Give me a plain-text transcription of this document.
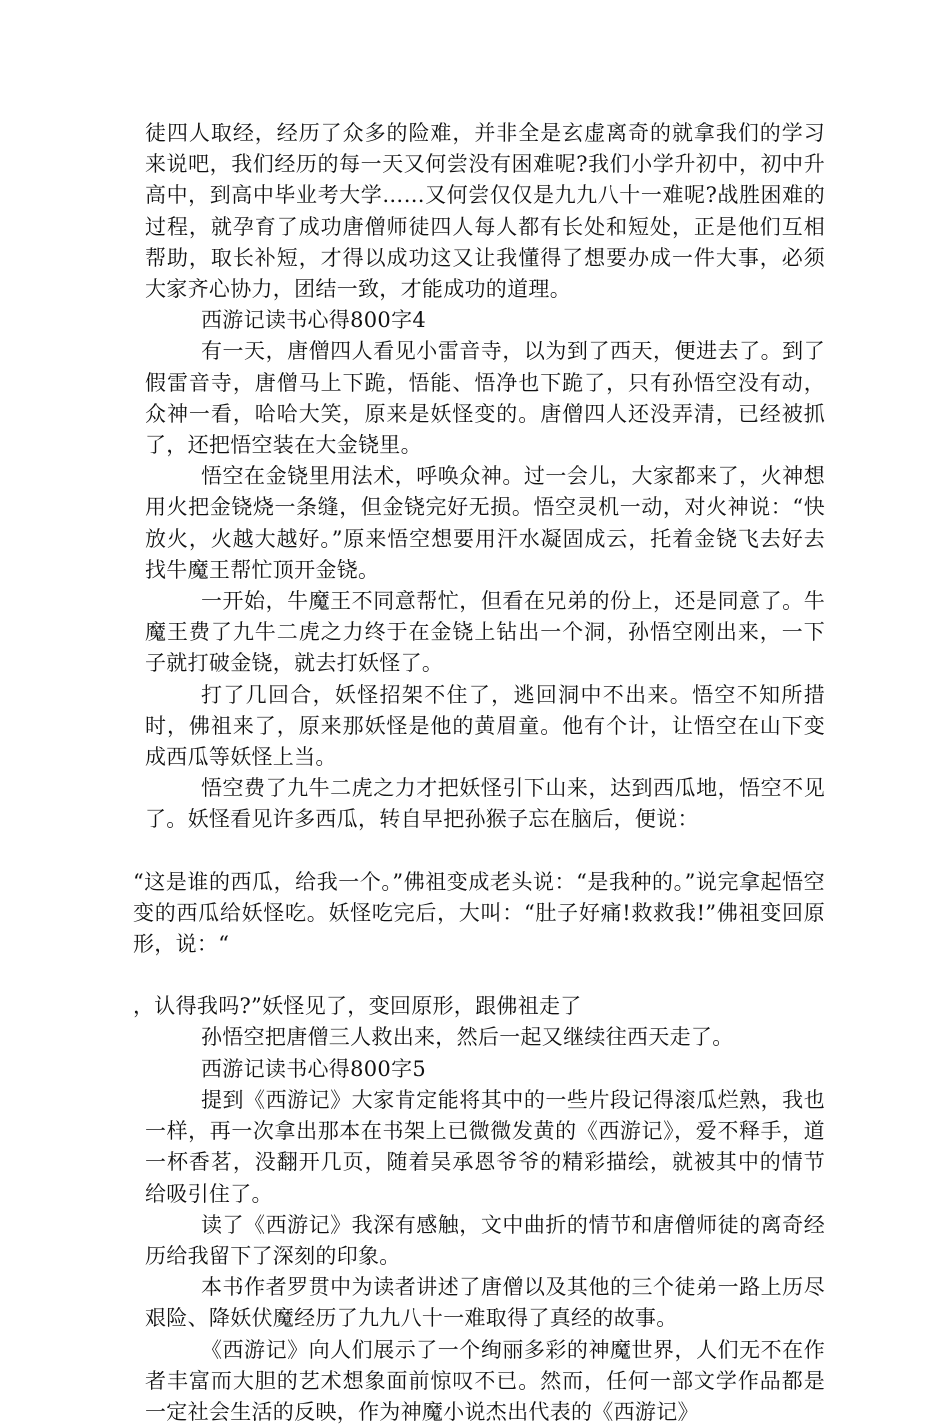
徒四人取经，经历了众多的险难，并非全是玄虚离奇的就拿我们的学习来说吧，我们经历的每一天又何尝没有困难呢?我们小学升初中，初中升高中，到高中毕业考大学……又何尝仅仅是九九八十一难呢?战胜困难的过程，就孕育了成功唐僧师徒四人每人都有长处和短处，正是他们互相帮助，取长补短，才得以成功这又让我懂得了想要办成一件大事，必须大家齐心协力，团结一致，才能成功的道理。

西游记读书心得800字4

有一天，唐僧四人看见小雷音寺，以为到了西天，便进去了。到了假雷音寺，唐僧马上下跪，悟能、悟净也下跪了，只有孙悟空没有动，众神一看，哈哈大笑，原来是妖怪变的。唐僧四人还没弄清，已经被抓了，还把悟空装在大金铙里。

悟空在金铙里用法术，呼唤众神。过一会儿，大家都来了，火神想用火把金铙烧一条缝，但金铙完好无损。悟空灵机一动，对火神说：“快放火，火越大越好。”原来悟空想要用汗水凝固成云，托着金铙飞去好去找牛魔王帮忙顶开金铙。

一开始，牛魔王不同意帮忙，但看在兄弟的份上，还是同意了。牛魔王费了九牛二虎之力终于在金铙上钻出一个洞，孙悟空刚出来，一下子就打破金铙，就去打妖怪了。

打了几回合，妖怪招架不住了，逃回洞中不出来。悟空不知所措时，佛祖来了，原来那妖怪是他的黄眉童。他有个计，让悟空在山下变成西瓜等妖怪上当。

悟空费了九牛二虎之力才把妖怪引下山来，达到西瓜地，悟空不见了。妖怪看见许多西瓜，转自早把孙猴子忘在脑后，便说：

“这是谁的西瓜，给我一个。”佛祖变成老头说：“是我种的。”说完拿起悟空变的西瓜给妖怪吃。妖怪吃完后，大叫：“肚子好痛!救救我!”佛祖变回原形，说：“

，认得我吗?”妖怪见了，变回原形，跟佛祖走了

孙悟空把唐僧三人救出来，然后一起又继续往西天走了。

西游记读书心得800字5

提到《西游记》大家肯定能将其中的一些片段记得滚瓜烂熟，我也一样，再一次拿出那本在书架上已微微发黄的《西游记》，爱不释手，道一杯香茗，没翻开几页，随着吴承恩爷爷的精彩描绘，就被其中的情节给吸引住了。

读了《西游记》我深有感触，文中曲折的情节和唐僧师徒的离奇经历给我留下了深刻的印象。

本书作者罗贯中为读者讲述了唐僧以及其他的三个徒弟一路上历尽艰险、降妖伏魔经历了九九八十一难取得了真经的故事。

《西游记》向人们展示了一个绚丽多彩的神魔世界，人们无不在作者丰富而大胆的艺术想象面前惊叹不已。然而，任何一部文学作品都是一定社会生活的反映，作为神魔小说杰出代表的《西游记》
